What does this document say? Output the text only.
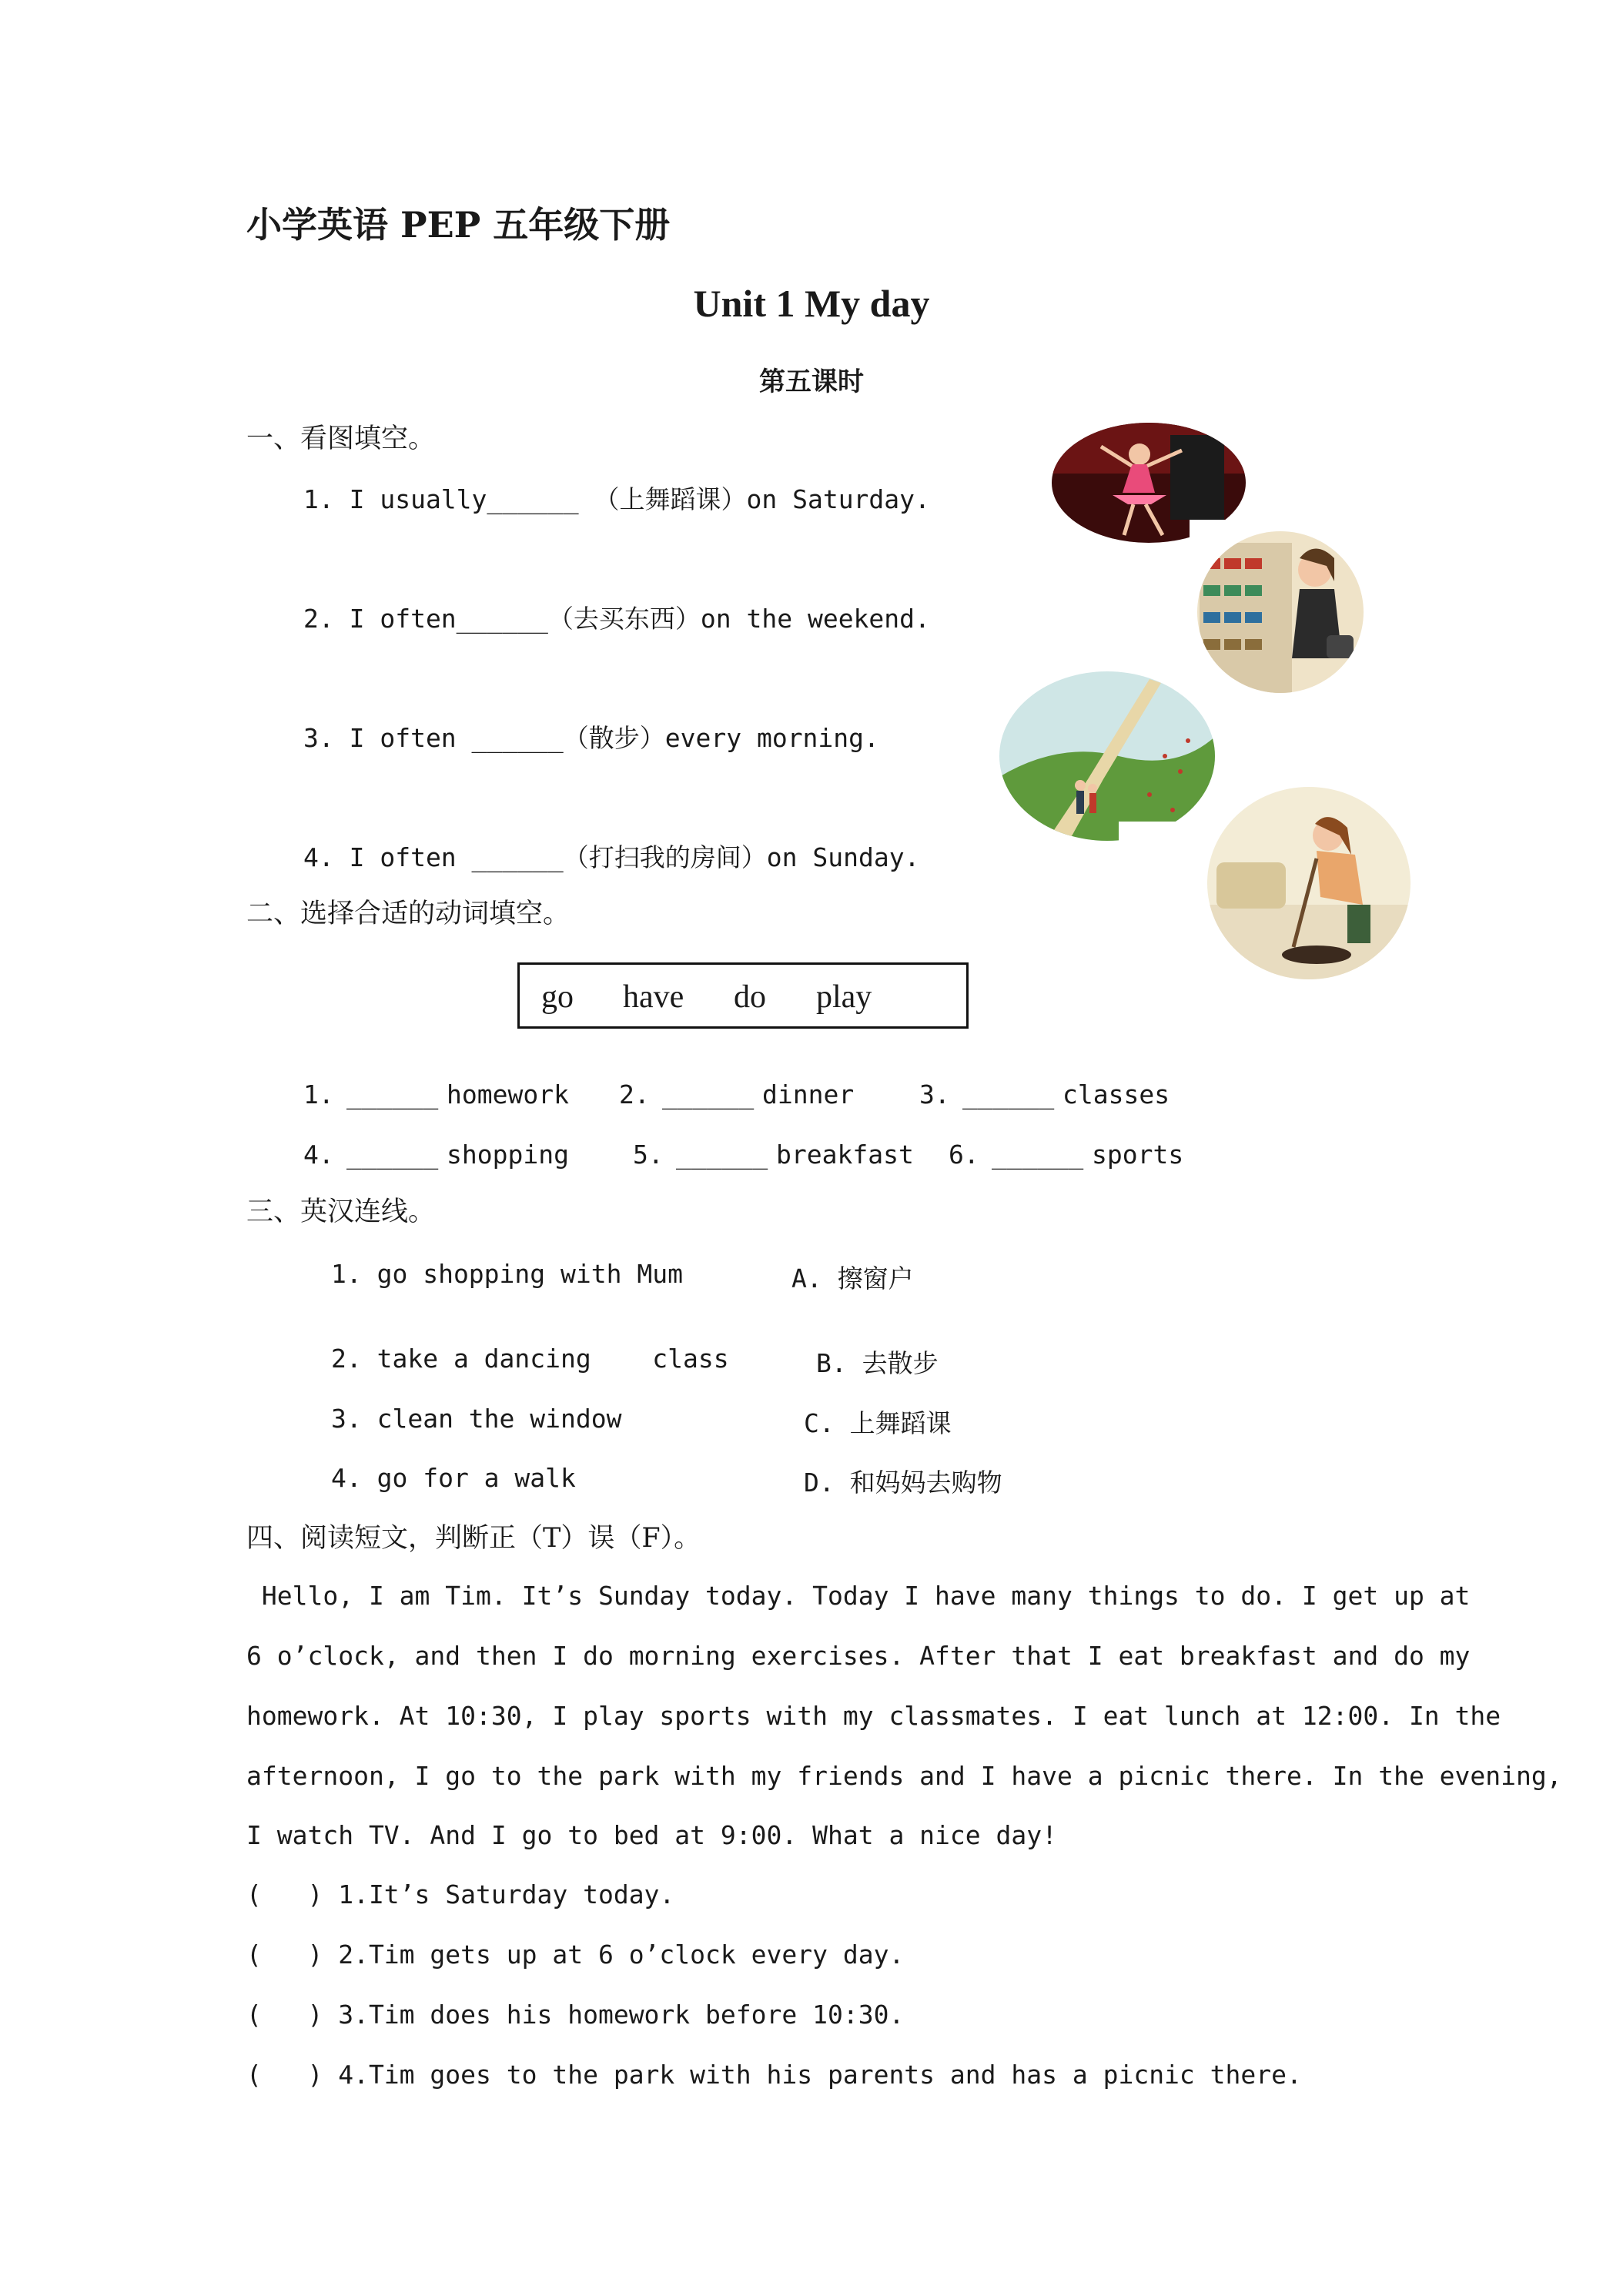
小学英语 PEP 五年级下册
Unit 1 My day
第五课时
一、看图填空。
1. I usually______ （上舞蹈课）on Saturday.
2. I often______（去买东西）on the weekend.
3. I often ______（散步）every morning.
4. I often ______（打扫我的房间）on Sunday.
二、选择合适的动词填空。
go have do play
1. ______ homework 2. ______ dinner	3. ______ classes
4. ______ shopping	5. ______ breakfast 6. ______ sports
三、英汉连线。
1. go shopping with Mum	A. 擦窗户
2. take a dancing    class	B. 去散步
3. clean the window	C. 上舞蹈课
4. go for a walk	D. 和妈妈去购物
四、阅读短文，判断正（T）误（F）。
Hello, I am Tim. It’s Sunday today. Today I have many things to do. I get up at
6 o’clock, and then I do morning exercises. After that I eat breakfast and do my
homework. At 10:30, I play sports with my classmates. I eat lunch at 12:00. In the
afternoon, I go to the park with my friends and I have a picnic there. In the evening,
I watch TV. And I go to bed at 9:00. What a nice day!
(   ) 1.It’s Saturday today.
(   ) 2.Tim gets up at 6 o’clock every day.
(   ) 3.Tim does his homework before 10:30.
(   ) 4.Tim goes to the park with his parents and has a picnic there.
